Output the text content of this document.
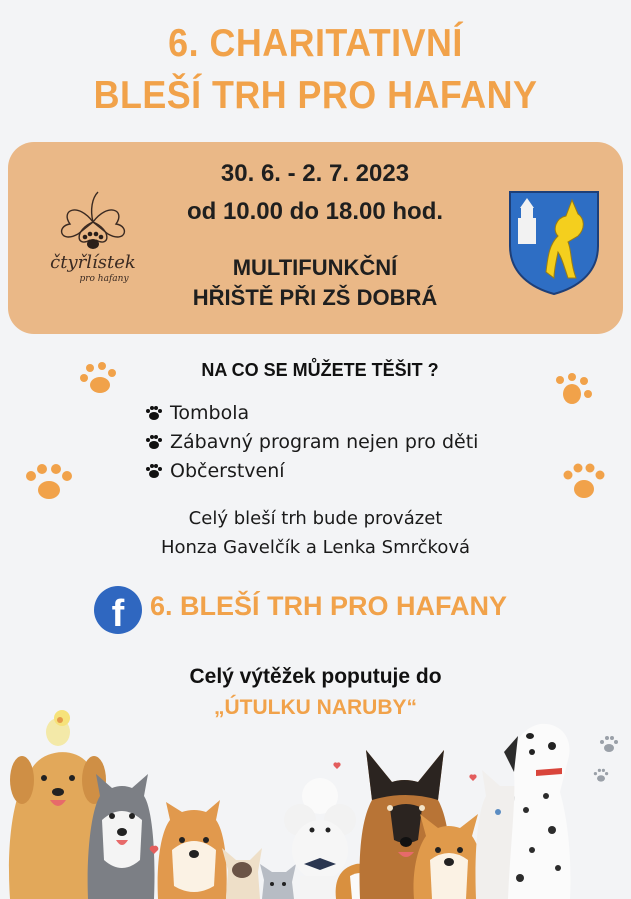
6. CHARITATIVNÍ
BLEŠÍ TRH PRO HAFANY
čtyřlístek
pro hafany
30. 6. - 2. 7. 2023
od 10.00 do 18.00 hod.
MULTIFUNKČNÍ
HŘIŠTĚ PŘI ZŠ DOBRÁ
NA CO SE MŮŽETE TĚŠIT ?
Tombola
Zábavný program nejen pro děti
Občerstvení
Celý bleší trh bude provázet
Honza Gavelčík a Lenka Smrčková
f 6. BLEŠÍ TRH PRO HAFANY
Celý výtěžek poputuje do
„ÚTULKU NARUBY“
